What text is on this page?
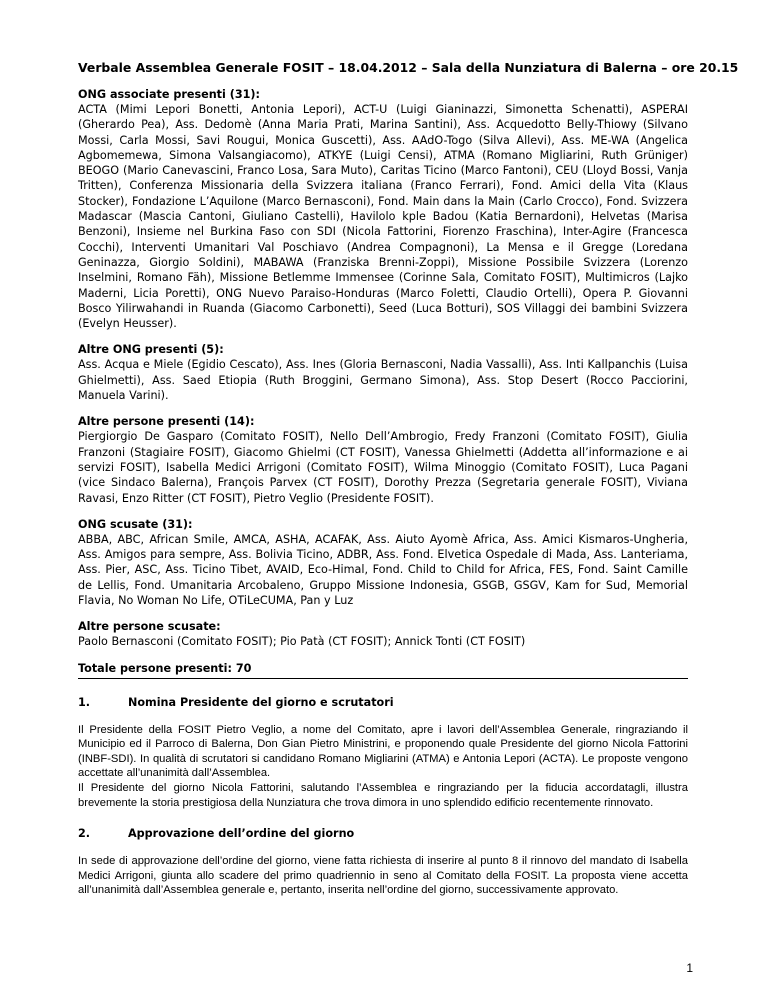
Verbale Assemblea Generale FOSIT – 18.04.2012 – Sala della Nunziatura di Balerna – ore 20.15

ONG associate presenti (31):

ACTA (Mimi Lepori Bonetti, Antonia Lepori), ACT-U (Luigi Gianinazzi, Simonetta Schenatti), ASPERAI (Gherardo Pea), Ass. Dedomè (Anna Maria Prati, Marina Santini), Ass. Acquedotto Belly-Thiowy (Silvano Mossi, Carla Mossi, Savi Rougui, Monica Guscetti), Ass. AAdO-Togo (Silva Allevi), Ass. ME-WA (Angelica Agbomemewa, Simona Valsangiacomo), ATKYE (Luigi Censi), ATMA (Romano Migliarini, Ruth Grüniger) BEOGO (Mario Canevascini, Franco Losa, Sara Muto), Caritas Ticino (Marco Fantoni), CEU (Lloyd Bossi, Vanja Tritten), Conferenza Missionaria della Svizzera italiana (Franco Ferrari), Fond. Amici della Vita (Klaus Stocker), Fondazione L’Aquilone (Marco Bernasconi), Fond. Main dans la Main (Carlo Crocco), Fond. Svizzera Madascar (Mascia Cantoni, Giuliano Castelli), Havilolo kple Badou (Katia Bernardoni), Helvetas (Marisa Benzoni), Insieme nel Burkina Faso con SDI (Nicola Fattorini, Fiorenzo Fraschina), Inter-Agire (Francesca Cocchi), Interventi Umanitari Val Poschiavo (Andrea Compagnoni), La Mensa e il Gregge (Loredana Geninazza, Giorgio Soldini), MABAWA (Franziska Brenni-Zoppi), Missione Possibile Svizzera (Lorenzo Inselmini, Romano Fäh), Missione Betlemme Immensee (Corinne Sala, Comitato FOSIT), Multimicros (Lajko Maderni, Licia Poretti), ONG Nuevo Paraiso-Honduras (Marco Foletti, Claudio Ortelli), Opera P. Giovanni Bosco Yilirwahandi in Ruanda (Giacomo Carbonetti), Seed (Luca Botturi), SOS Villaggi dei bambini Svizzera (Evelyn Heusser).

Altre ONG presenti (5):

Ass. Acqua e Miele (Egidio Cescato), Ass. Ines (Gloria Bernasconi, Nadia Vassalli), Ass. Inti Kallpanchis (Luisa Ghielmetti), Ass. Saed Etiopia (Ruth Broggini, Germano Simona), Ass. Stop Desert (Rocco Pacciorini, Manuela Varini).

Altre persone presenti (14):

Piergiorgio De Gasparo (Comitato FOSIT), Nello Dell’Ambrogio, Fredy Franzoni (Comitato FOSIT), Giulia Franzoni (Stagiaire FOSIT), Giacomo Ghielmi (CT FOSIT), Vanessa Ghielmetti (Addetta all’informazione e ai servizi FOSIT), Isabella Medici Arrigoni (Comitato FOSIT), Wilma Minoggio (Comitato FOSIT), Luca Pagani (vice Sindaco Balerna), François Parvex (CT FOSIT), Dorothy Prezza (Segretaria generale FOSIT), Viviana Ravasi, Enzo Ritter (CT FOSIT), Pietro Veglio (Presidente FOSIT).

ONG scusate (31):

ABBA, ABC, African Smile, AMCA, ASHA, ACAFAK, Ass. Aiuto Ayomè Africa, Ass. Amici Kismaros-Ungheria, Ass. Amigos para sempre, Ass. Bolivia Ticino, ADBR, Ass. Fond. Elvetica Ospedale di Mada, Ass. Lanteriama, Ass. Pier, ASC, Ass. Ticino Tibet, AVAID, Eco-Himal, Fond. Child to Child for Africa, FES, Fond. Saint Camille de Lellis, Fond. Umanitaria Arcobaleno, Gruppo Missione Indonesia, GSGB, GSGV, Kam for Sud, Memorial Flavia, No Woman No Life, OTiLeCUMA, Pan y Luz

Altre persone scusate:

Paolo Bernasconi (Comitato FOSIT); Pio Patà (CT FOSIT); Annick Tonti (CT FOSIT)

Totale persone presenti: 70

1.	Nomina Presidente del giorno e scrutatori

Il Presidente della FOSIT Pietro Veglio, a nome del Comitato, apre i lavori dell’Assemblea Generale, ringraziando il Municipio ed il Parroco di Balerna, Don Gian Pietro Ministrini, e proponendo quale Presidente del giorno Nicola Fattorini (INBF-SDI). In qualità di scrutatori si candidano Romano Migliarini (ATMA) e Antonia Lepori (ACTA). Le proposte vengono accettate all’unanimità dall’Assemblea.

Il Presidente del giorno Nicola Fattorini, salutando l’Assemblea e ringraziando per la fiducia accordatagli, illustra brevemente la storia prestigiosa della Nunziatura che trova dimora in uno splendido edificio recentemente rinnovato.

2.	Approvazione dell’ordine del giorno

In sede di approvazione dell’ordine del giorno, viene fatta richiesta di inserire al punto 8 il rinnovo del mandato di Isabella Medici Arrigoni, giunta allo scadere del primo quadriennio in seno al Comitato della FOSIT. La proposta viene accetta all’unanimità dall’Assemblea generale e, pertanto, inserita nell’ordine del giorno, successivamente approvato.

1
